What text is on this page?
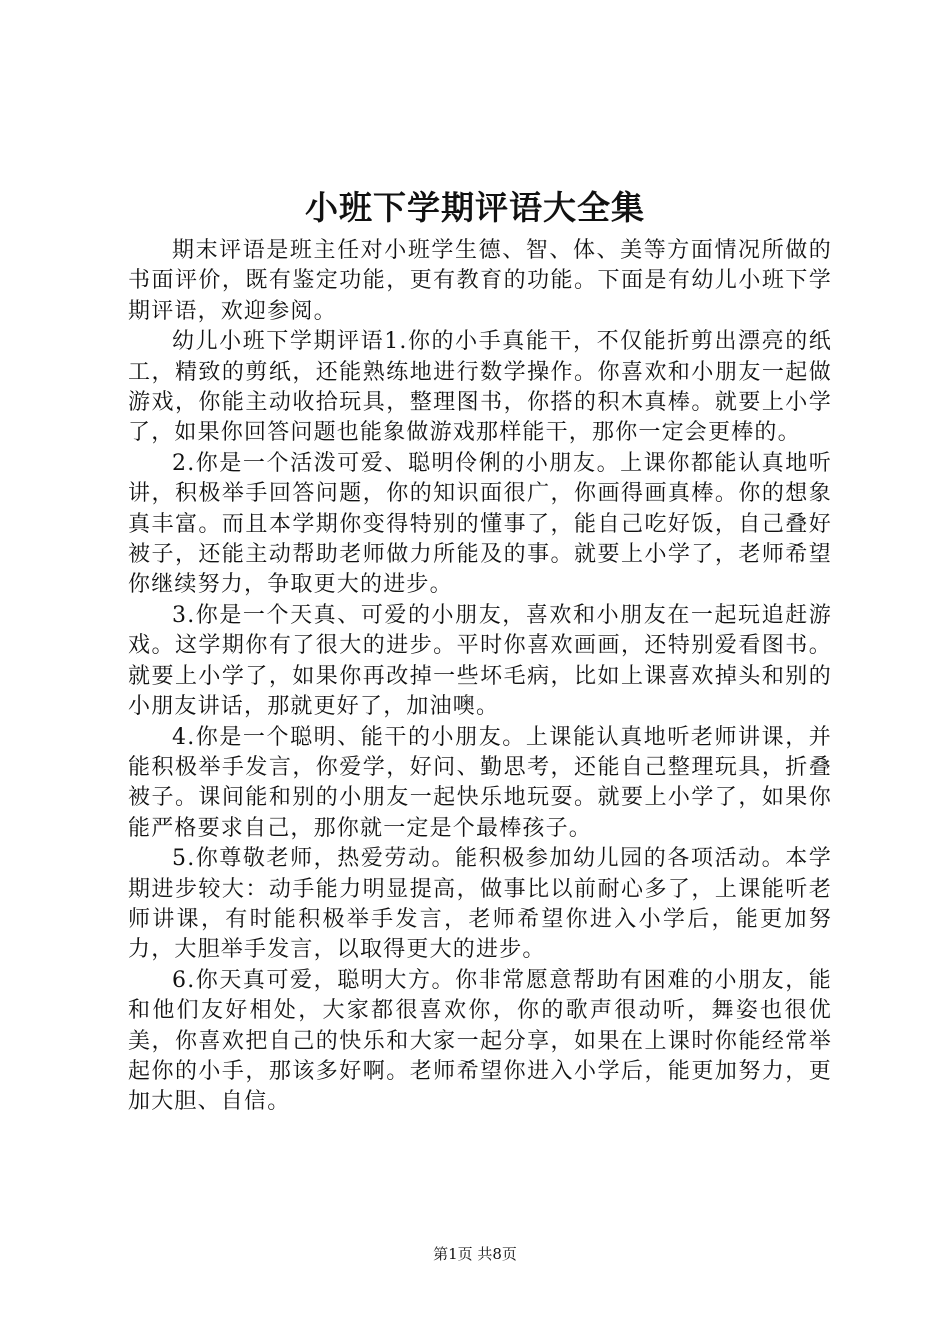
小班下学期评语大全集

期末评语是班主任对小班学生德、智、体、美等方面情况所做的书面评价，既有鉴定功能，更有教育的功能。下面是有幼儿小班下学期评语，欢迎参阅。

幼儿小班下学期评语1.你的小手真能干，不仅能折剪出漂亮的纸工，精致的剪纸，还能熟练地进行数学操作。你喜欢和小朋友一起做游戏，你能主动收拾玩具，整理图书，你搭的积木真棒。就要上小学了，如果你回答问题也能象做游戏那样能干，那你一定会更棒的。

2.你是一个活泼可爱、聪明伶俐的小朋友。上课你都能认真地听讲，积极举手回答问题，你的知识面很广，你画得画真棒。你的想象真丰富。而且本学期你变得特别的懂事了，能自己吃好饭，自己叠好被子，还能主动帮助老师做力所能及的事。就要上小学了，老师希望你继续努力，争取更大的进步。

3.你是一个天真、可爱的小朋友，喜欢和小朋友在一起玩追赶游戏。这学期你有了很大的进步。平时你喜欢画画，还特别爱看图书。就要上小学了，如果你再改掉一些坏毛病，比如上课喜欢掉头和别的小朋友讲话，那就更好了，加油噢。

4.你是一个聪明、能干的小朋友。上课能认真地听老师讲课，并能积极举手发言，你爱学，好问、勤思考，还能自己整理玩具，折叠被子。课间能和别的小朋友一起快乐地玩耍。就要上小学了，如果你能严格要求自己，那你就一定是个最棒孩子。

5.你尊敬老师，热爱劳动。能积极参加幼儿园的各项活动。本学期进步较大：动手能力明显提高，做事比以前耐心多了，上课能听老师讲课，有时能积极举手发言，老师希望你进入小学后，能更加努力，大胆举手发言，以取得更大的进步。

6.你天真可爱，聪明大方。你非常愿意帮助有困难的小朋友，能和他们友好相处，大家都很喜欢你，你的歌声很动听，舞姿也很优美，你喜欢把自己的快乐和大家一起分享，如果在上课时你能经常举起你的小手，那该多好啊。老师希望你进入小学后，能更加努力，更加大胆、自信。

第1页 共8页
